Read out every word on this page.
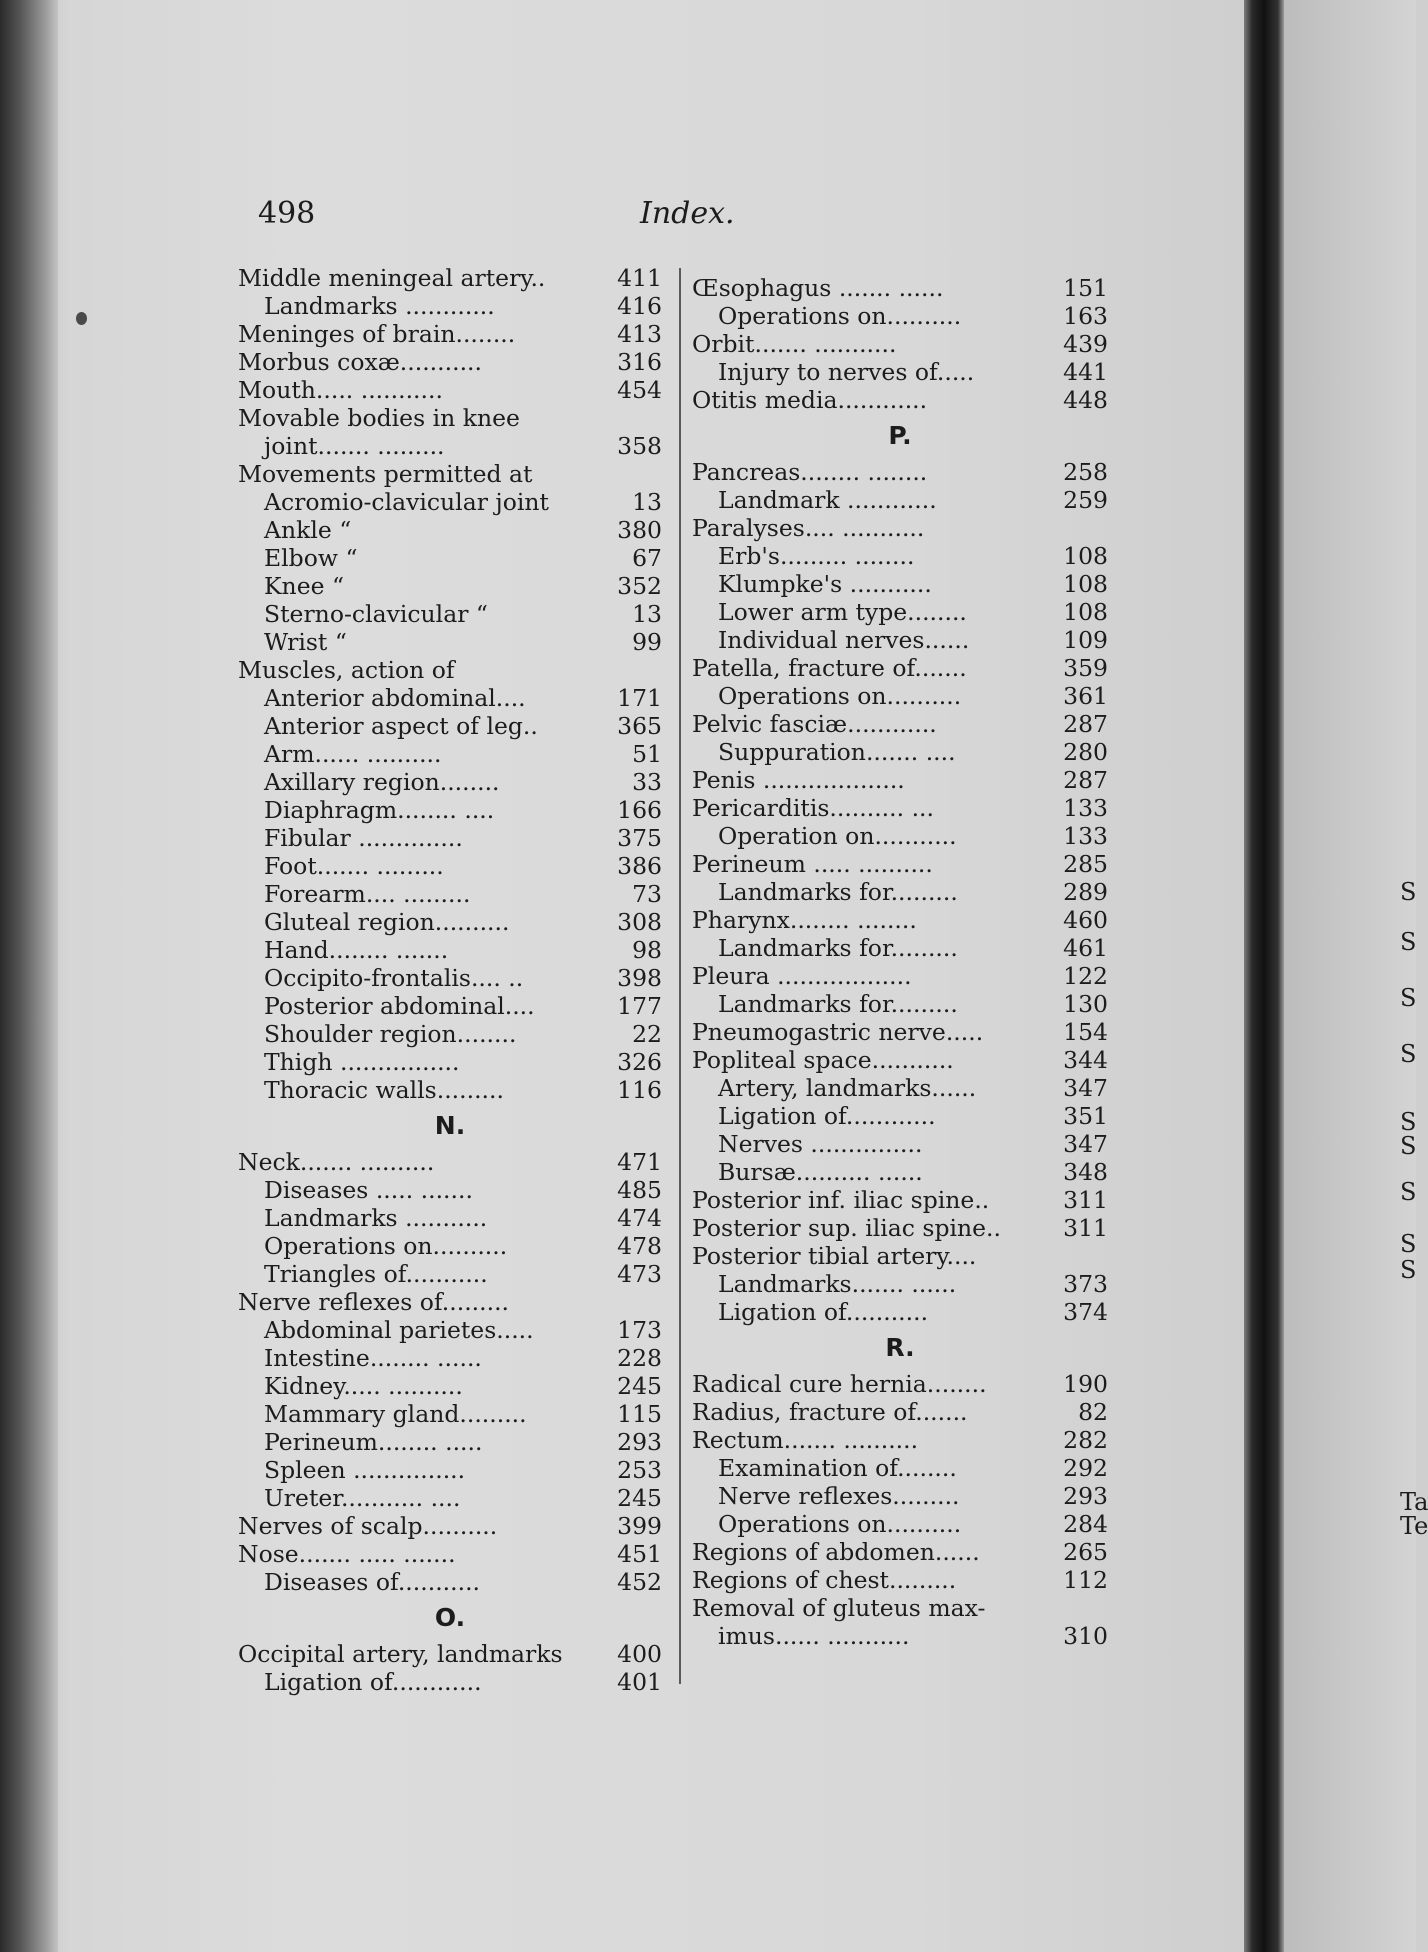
498	Index.
Middle meningeal artery..	411
Landmarks ............	416
Meninges of brain........	413
Morbus coxæ...........	316
Mouth..... ...........	454
Movable bodies in knee
joint....... .........	358
Movements permitted at
Acromio-clavicular joint	13
Ankle “	380
Elbow “	67
Knee “	352
Sterno-clavicular “	13
Wrist “	99
Muscles, action of
Anterior abdominal....	171
Anterior aspect of leg..	365
Arm...... ..........	51
Axillary region........	33
Diaphragm........ ....	166
Fibular ..............	375
Foot....... .........	386
Forearm.... .........	73
Gluteal region..........	308
Hand........ .......	98
Occipito-frontalis.... ..	398
Posterior abdominal....	177
Shoulder region........	22
Thigh ................	326
Thoracic walls.........	116
N.
Neck....... ..........	471
Diseases ..... .......	485
Landmarks ...........	474
Operations on..........	478
Triangles of...........	473
Nerve reflexes of.........
Abdominal parietes.....	173
Intestine........ ......	228
Kidney..... ..........	245
Mammary gland.........	115
Perineum........ .....	293
Spleen ...............	253
Ureter........... ....	245
Nerves of scalp..........	399
Nose....... ..... .......	451
Diseases of...........	452
O.
Occipital artery, landmarks 400
Ligation of............	401
Œsophagus ....... ......	151
Operations on..........	163
Orbit....... ...........	439
Injury to nerves of.....	441
Otitis media............	448
P.
Pancreas........ ........	258
Landmark ............	259
Paralyses.... ...........
Erb's......... ........	108
Klumpke's ...........	108
Lower arm type........	108
Individual nerves......	109
Patella, fracture of.......	359
Operations on..........	361
Pelvic fasciæ............	287
Suppuration....... ....	280
Penis ...................	287
Pericarditis.......... ...	133
Operation on...........	133
Perineum ..... ..........	285
Landmarks for.........	289
Pharynx........ ........	460
Landmarks for.........	461
Pleura ..................	122
Landmarks for.........	130
Pneumogastric nerve.....	154
Popliteal space...........	344
Artery, landmarks......	347
Ligation of............	351
Nerves ...............	347
Bursæ.......... ......	348
Posterior inf. iliac spine..	311
Posterior sup. iliac spine..	311
Posterior tibial artery....
Landmarks....... ......	373
Ligation of...........	374
R.
Radical cure hernia........	190
Radius, fracture of.......	82
Rectum....... ..........	282
Examination of........	292
Nerve reflexes.........	293
Operations on..........	284
Regions of abdomen......	265
Regions of chest.........	112
Removal of gluteus max-
imus...... ...........	310
S
S
S
S
S
S
S
S
S
Ta
Te
